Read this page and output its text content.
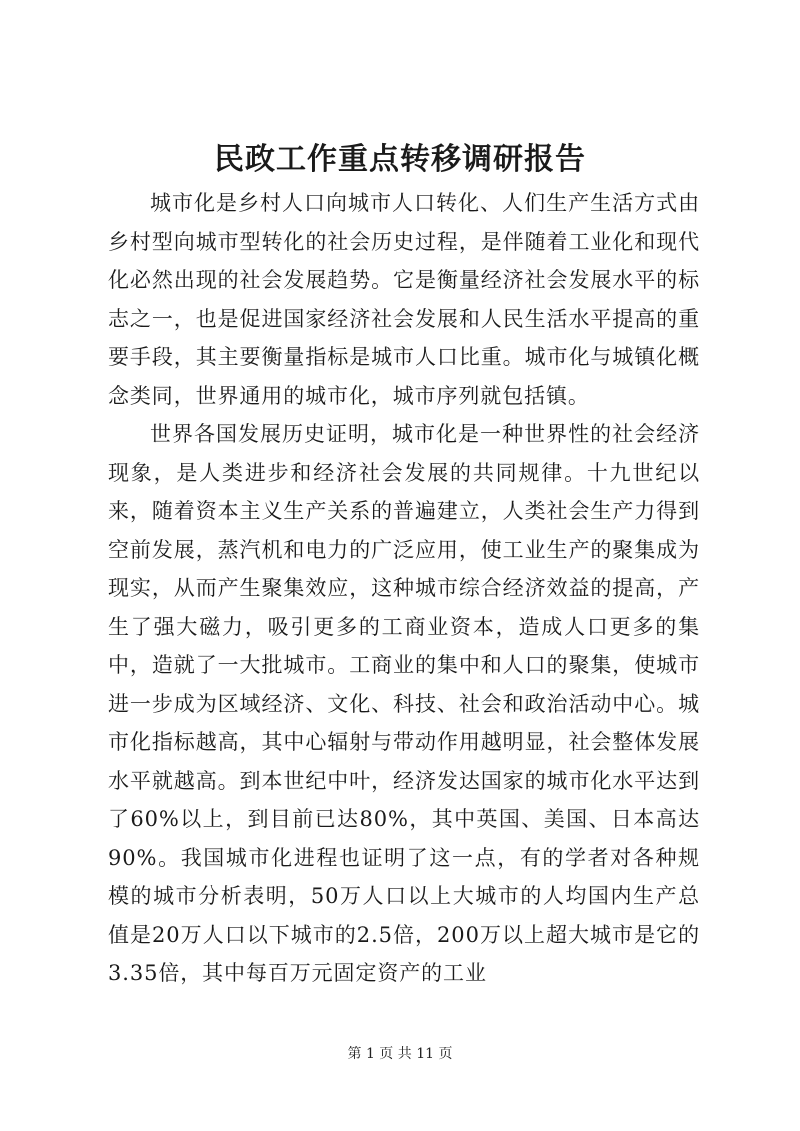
民政工作重点转移调研报告

城市化是乡村人口向城市人口转化、人们生产生活方式由乡村型向城市型转化的社会历史过程，是伴随着工业化和现代化必然出现的社会发展趋势。它是衡量经济社会发展水平的标志之一，也是促进国家经济社会发展和人民生活水平提高的重要手段，其主要衡量指标是城市人口比重。城市化与城镇化概念类同，世界通用的城市化，城市序列就包括镇。

世界各国发展历史证明，城市化是一种世界性的社会经济现象，是人类进步和经济社会发展的共同规律。十九世纪以来，随着资本主义生产关系的普遍建立，人类社会生产力得到空前发展，蒸汽机和电力的广泛应用，使工业生产的聚集成为现实，从而产生聚集效应，这种城市综合经济效益的提高，产生了强大磁力，吸引更多的工商业资本，造成人口更多的集中，造就了一大批城市。工商业的集中和人口的聚集，使城市进一步成为区域经济、文化、科技、社会和政治活动中心。城市化指标越高，其中心辐射与带动作用越明显，社会整体发展水平就越高。到本世纪中叶，经济发达国家的城市化水平达到了60%以上，到目前已达80%，其中英国、美国、日本高达90%。我国城市化进程也证明了这一点，有的学者对各种规模的城市分析表明，50万人口以上大城市的人均国内生产总值是20万人口以下城市的2.5倍，200万以上超大城市是它的3.35倍，其中每百万元固定资产的工业

第 1 页 共 11 页
